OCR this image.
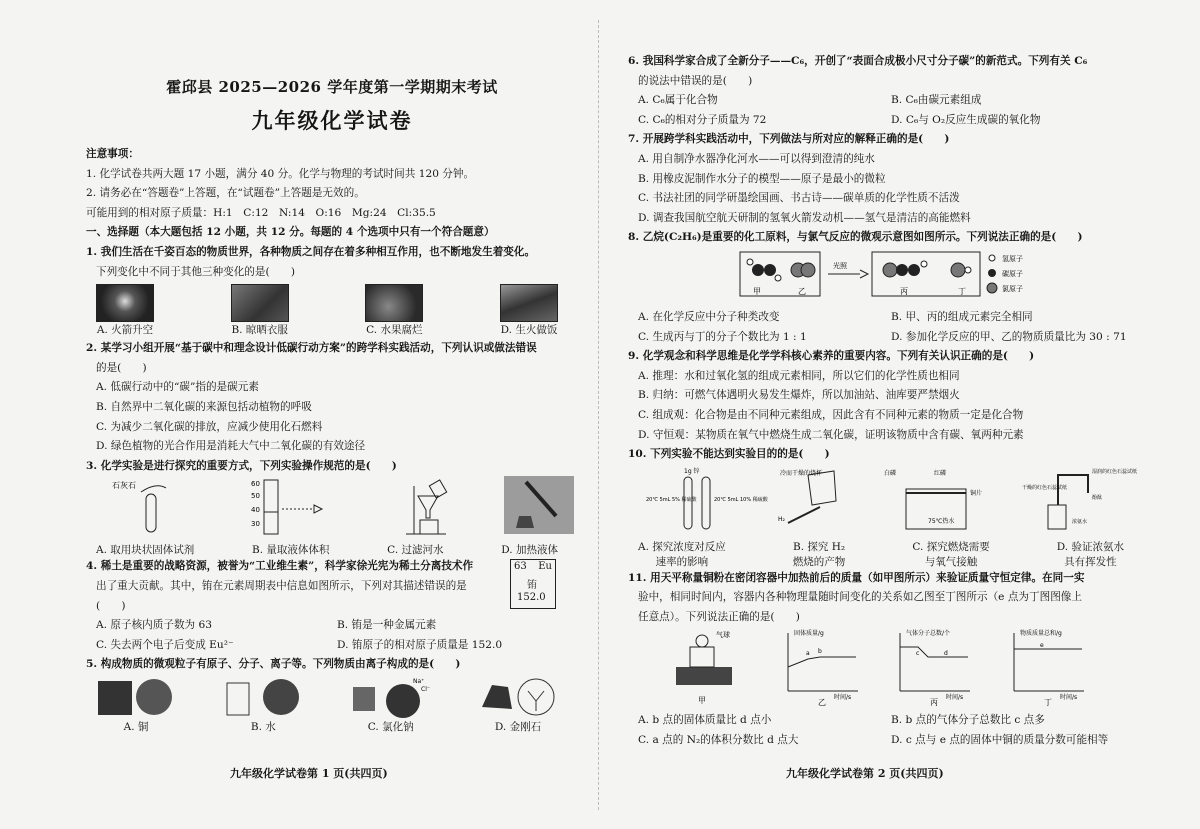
霍邱县 2025—2026 学年度第一学期期末考试
九年级化学试卷
注意事项：
1. 化学试卷共两大题 17 小题，满分 40 分。化学与物理的考试时间共 120 分钟。
2. 请务必在“答题卷”上答题，在“试题卷”上答题是无效的。
可能用到的相对原子质量：H:1　C:12　N:14　O:16　Mg:24　Cl:35.5
一、选择题（本大题包括 12 小题，共 12 分。每题的 4 个选项中只有一个符合题意）
1. 我们生活在千姿百态的物质世界，各种物质之间存在着多种相互作用，也不断地发生着变化。
下列变化中不同于其他三种变化的是(　　)
A. 火箭升空	B. 晾晒衣服	C. 水果腐烂	D. 生火做饭
2. 某学习小组开展“基于碳中和理念设计低碳行动方案”的跨学科实践活动，下列认识或做法错误
的是(　　)
A. 低碳行动中的“碳”指的是碳元素
B. 自然界中二氧化碳的来源包括动植物的呼吸
C. 为减少二氧化碳的排放，应减少使用化石燃料
D. 绿色植物的光合作用是消耗大气中二氧化碳的有效途径
3. 化学实验是进行探究的重要方式，下列实验操作规范的是(　　)
石灰石	60
50
40
30
A. 取用块状固体试剂	B. 量取液体体积	C. 过滤河水	D. 加热液体
4. 稀土是重要的战略资源，被誉为“工业维生素”，科学家徐光宪为稀土分离技术作
出了重大贡献。其中，铕在元素周期表中信息如图所示，下列对其描述错误的是
(　　)
63 Eu
铕
152.0
A. 原子核内质子数为 63	B. 铕是一种金属元素
C. 失去两个电子后变成 Eu²⁻	D. 铕原子的相对原子质量是 152.0
5. 构成物质的微观粒子有原子、分子、离子等。下列物质由离子构成的是(　　)
A. 铜	B. 水
Na⁺
Cl⁻
C. 氯化钠	D. 金刚石
九年级化学试卷第 1 页(共四页)
6. 我国科学家合成了全新分子——C₆，开创了“表面合成极小尺寸分子碳”的新范式。下列有关 C₆
的说法中错误的是(　　)
A. C₆属于化合物	B. C₆由碳元素组成
C. C₆的相对分子质量为 72	D. C₆与 O₂反应生成碳的氧化物
7. 开展跨学科实践活动中，下列做法与所对应的解释正确的是(　　)
A. 用自制净水器净化河水——可以得到澄清的纯水
B. 用橡皮泥制作水分子的模型——原子是最小的微粒
C. 书法社团的同学研墨绘国画、书古诗——碳单质的化学性质不活泼
D. 调查我国航空航天研制的氢氧火箭发动机——氢气是清洁的高能燃料
8. 乙烷(C₂H₆)是重要的化工原料，与氯气反应的微观示意图如图所示。下列说法正确的是(　　)
甲	乙
光照
丙	丁
氢原子
碳原子
氯原子
A. 在化学反应中分子种类改变	B. 甲、丙的组成元素完全相同
C. 生成丙与丁的分子个数比为 1 : 1	D. 参加化学反应的甲、乙的物质质量比为 30 : 71
9. 化学观念和科学思维是化学学科核心素养的重要内容。下列有关认识正确的是(　　)
A. 推理：水和过氧化氢的组成元素相同，所以它们的化学性质也相同
B. 归纳：可燃气体遇明火易发生爆炸，所以加油站、油库要严禁烟火
C. 组成观：化合物是由不同种元素组成，因此含有不同种元素的物质一定是化合物
D. 守恒观：某物质在氧气中燃烧生成二氧化碳，证明该物质中含有碳、氧两种元素
10. 下列实验不能达到实验目的的是(　　)
1g 锌
20℃ 5mL 5% 稀硫酸	20℃ 5mL 10% 稀硫酸
冷而干燥的烧杯
H₂
白磷	红磷
铜片
75℃热水
湿润的红色石蕊试纸
浓氨水
酚酞
干燥的红色石蕊试纸
A. 探究浓度对反应
速率的影响
B. 探究 H₂
燃烧的产物
C. 探究燃烧需要
与氧气接触
D. 验证浓氨水
具有挥发性
11. 用天平称量铜粉在密闭容器中加热前后的质量（如甲图所示）来验证质量守恒定律。在同一实
验中，相同时间内，容器内各种物理量随时间变化的关系如乙图至丁图所示（e 点为丁图图像上
任意点）。下列说法正确的是(　　)
气球
甲
固体质量/g
a b
时间/s
乙
气体分子总数/个
c	d
时间/s
丙
物质质量总和/g
e
时间/s
丁
A. b 点的固体质量比 d 点小	B. b 点的气体分子总数比 c 点多
C. a 点的 N₂的体积分数比 d 点大	D. c 点与 e 点的固体中铜的质量分数可能相等
九年级化学试卷第 2 页(共四页)
